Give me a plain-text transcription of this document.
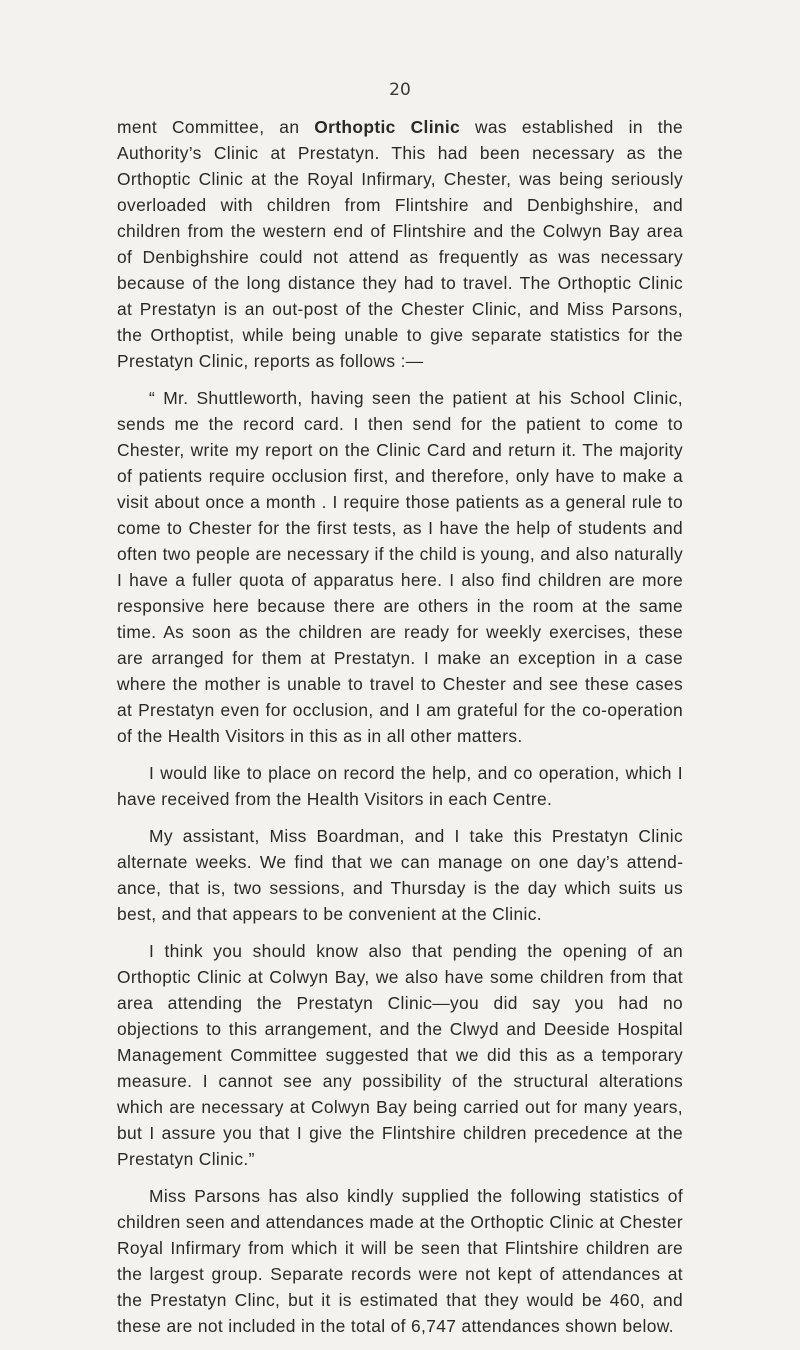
20

ment Committee, an Orthoptic Clinic was established in the Authority’s Clinic at Prestatyn. This had been necessary as the Orthoptic Clinic at the Royal Infirmary, Chester, was being seriously overloaded with children from Flintshire and Denbighshire, and children from the western end of Flintshire and the Colwyn Bay area of Denbighshire could not attend as frequently as was necessary because of the long distance they had to travel. The Orthoptic Clinic at Prestatyn is an out-post of the Chester Clinic, and Miss Parsons, the Orthoptist, while being unable to give separate statistics for the Prestatyn Clinic, reports as follows :—

“ Mr. Shuttleworth, having seen the patient at his School Clinic, sends me the record card. I then send for the patient to come to Chester, write my report on the Clinic Card and return it. The majority of patients require occlusion first, and therefore, only have to make a visit about once a month . I require those patients as a general rule to come to Chester for the first tests, as I have the help of students and often two people are necessary if the child is young, and also naturally I have a fuller quota of apparatus here. I also find children are more responsive here because there are others in the room at the same time. As soon as the children are ready for weekly exercises, these are arranged for them at Prestatyn. I make an exception in a case where the mother is unable to travel to Chester and see these cases at Prestatyn even for occlusion, and I am grateful for the co-operation of the Health Visitors in this as in all other matters.

I would like to place on record the help, and co operation, which I have received from the Health Visitors in each Centre.

My assistant, Miss Boardman, and I take this Prestatyn Clinic alternate weeks. We find that we can manage on one day’s attendance, that is, two sessions, and Thursday is the day which suits us best, and that appears to be convenient at the Clinic.

I think you should know also that pending the opening of an Orthoptic Clinic at Colwyn Bay, we also have some children from that area attending the Prestatyn Clinic—you did say you had no objections to this arrangement, and the Clwyd and Deeside Hospital Management Committee suggested that we did this as a temporary measure. I cannot see any possibility of the structural alterations which are necessary at Colwyn Bay being carried out for many years, but I assure you that I give the Flintshire children precedence at the Prestatyn Clinic.”

Miss Parsons has also kindly supplied the following statistics of children seen and attendances made at the Orthoptic Clinic at Chester Royal Infirmary from which it will be seen that Flintshire children are the largest group. Separate records were not kept of attendances at the Prestatyn Clinc, but it is estimated that they would be 460, and these are not included in the total of 6,747 attendances shown below.
